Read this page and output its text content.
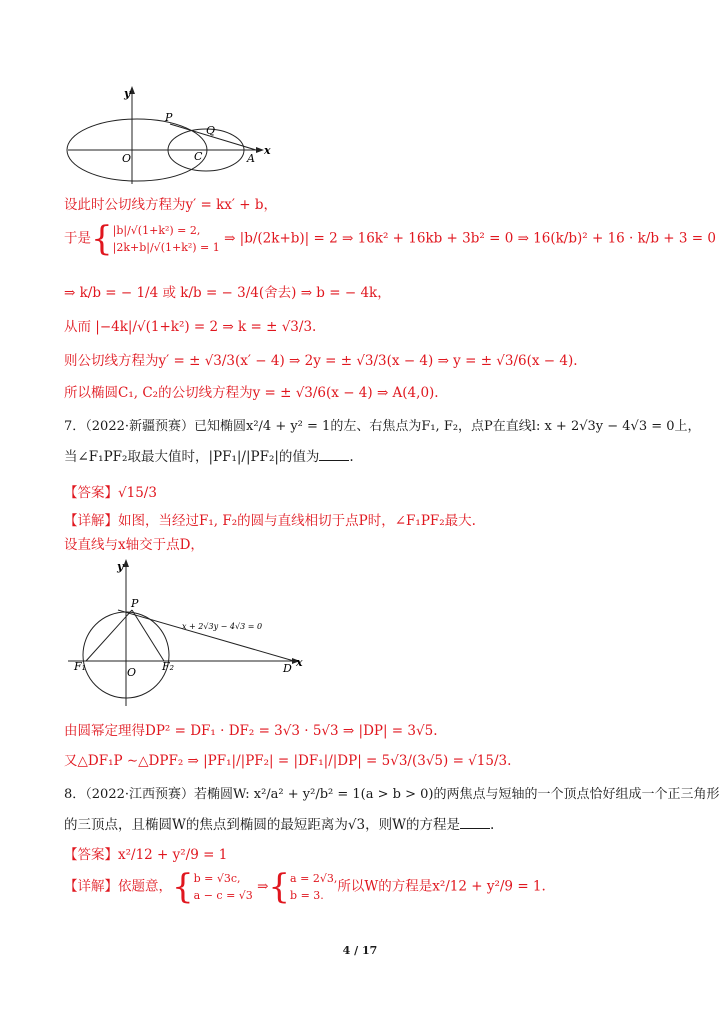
y
x
O	C
P
Q
A
设此时公切线方程为y′ = kx′ + b，
于是{|b|/√(1+k²) = 2,
|2k+b|/√(1+k²) = 1 ⇒ |b/(2k+b)| = 2 ⇒ 16k² + 16kb + 3b² = 0 ⇒ 16(k/b)² + 16 · k/b + 3 = 0
⇒ k/b = − 1/4 或 k/b = − 3/4(舍去) ⇒ b = − 4k，
从而 |−4k|/√(1+k²) = 2 ⇒ k = ± √3/3.
则公切线方程为y′ = ± √3/3(x′ − 4) ⇒ 2y = ± √3/3(x − 4) ⇒ y = ± √3/6(x − 4).
所以椭圆C₁, C₂的公切线方程为y = ± √3/6(x − 4) ⇒ A(4,0).
7．（2022·新疆预赛）已知椭圆x²/4 + y² = 1的左、右焦点为F₁, F₂，点P在直线l: x + 2√3y − 4√3 = 0上，
当∠F₁PF₂取最大值时，|PF₁|/|PF₂|的值为 .
【答案】√15/3
【详解】如图，当经过F₁, F₂的圆与直线相切于点P时，∠F₁PF₂最大.
设直线与x轴交于点D，
y
x
P
O
F₁	F₂	D
x + 2√3y − 4√3 = 0
由圆幂定理得DP² = DF₁ · DF₂ = 3√3 · 5√3 ⇒ |DP| = 3√5.
又△DF₁P ∼△DPF₂ ⇒ |PF₁|/|PF₂| = |DF₁|/|DP| = 5√3/(3√5) = √15/3.
8．（2022·江西预赛）若椭圆W: x²/a² + y²/b² = 1(a > b > 0)的两焦点与短轴的一个顶点恰好组成一个正三角形
的三顶点，且椭圆W的焦点到椭圆的最短距离为√3，则W的方程是 .
【答案】x²/12 + y²/9 = 1
【详解】依题意，{b = √3c,
a − c = √3 ⇒{a = 2√3,
b = 3.所以W的方程是x²/12 + y²/9 = 1.
4 / 17
